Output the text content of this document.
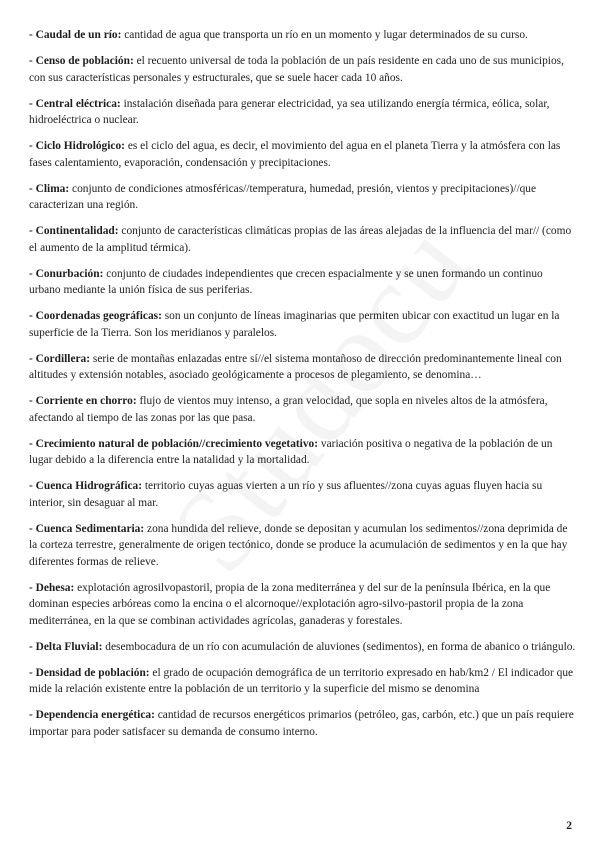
- Caudal de un río: cantidad de agua que transporta un río en un momento y lugar determinados de su curso.

- Censo de población: el recuento universal de toda la población de un país residente en cada uno de sus municipios, con sus características personales y estructurales, que se suele hacer cada 10 años.

- Central eléctrica: instalación diseñada para generar electricidad, ya sea utilizando energía térmica, eólica, solar, hidroeléctrica o nuclear.

- Ciclo Hidrológico: es el ciclo del agua, es decir, el movimiento del agua en el planeta Tierra y la atmósfera con las fases calentamiento, evaporación, condensación y precipitaciones.

- Clima: conjunto de condiciones atmosféricas//temperatura, humedad, presión, vientos y precipitaciones)//que caracterizan una región.

- Continentalidad: conjunto de características climáticas propias de las áreas alejadas de la influencia del mar// (como el aumento de la amplitud térmica).

- Conurbación: conjunto de ciudades independientes que crecen espacialmente y se unen formando un continuo urbano mediante la unión física de sus periferias.

- Coordenadas geográficas: son un conjunto de líneas imaginarias que permiten ubicar con exactitud un lugar en la superficie de la Tierra. Son los meridianos y paralelos.

- Cordillera: serie de montañas enlazadas entre sí//el sistema montañoso de dirección predominantemente lineal con altitudes y extensión notables, asociado geológicamente a procesos de plegamiento, se denomina…

- Corriente en chorro: flujo de vientos muy intenso, a gran velocidad, que sopla en niveles altos de la atmósfera, afectando al tiempo de las zonas por las que pasa.

- Crecimiento natural de población//crecimiento vegetativo: variación positiva o negativa de la población de un lugar debido a la diferencia entre la natalidad y la mortalidad.

- Cuenca Hidrográfica: territorio cuyas aguas vierten a un río y sus afluentes//zona cuyas aguas fluyen hacia su interior, sin desaguar al mar.

- Cuenca Sedimentaria: zona hundida del relieve, donde se depositan y acumulan los sedimentos//zona deprimida de la corteza terrestre, generalmente de origen tectónico, donde se produce la acumulación de sedimentos y en la que hay diferentes formas de relieve.

- Dehesa: explotación agrosilvopastoril, propia de la zona mediterránea y del sur de la península Ibérica, en la que dominan especies arbóreas como la encina o el alcornoque//explotación agro-silvo-pastoril propia de la zona mediterránea, en la que se combinan actividades agrícolas, ganaderas y forestales.

- Delta Fluvial: desembocadura de un río con acumulación de aluviones (sedimentos), en forma de abanico o triángulo.

- Densidad de población: el grado de ocupación demográfica de un territorio expresado en hab/km2 / El indicador que mide la relación existente entre la población de un territorio y la superficie del mismo se denomina

- Dependencia energética: cantidad de recursos energéticos primarios (petróleo, gas, carbón, etc.) que un país requiere importar para poder satisfacer su demanda de consumo interno.

2
